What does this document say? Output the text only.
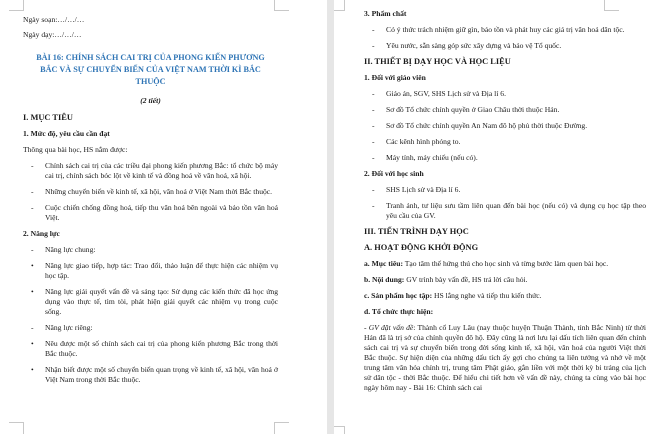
Ngày soạn:…/…/…

Ngày dạy:…/…/…

BÀI 16: CHÍNH SÁCH CAI TRỊ CỦA PHONG KIẾN PHƯƠNG BẮC VÀ SỰ CHUYỂN BIẾN CỦA VIỆT NAM THỜI KÌ BẮC THUỘC

(2 tiết)

I. MỤC TIÊU

1. Mức độ, yêu cầu cần đạt

Thông qua bài học, HS nắm được:

- Chính sách cai trị của các triều đại phong kiến phương Bắc: tổ chức bộ máy cai trị, chính sách bóc lột về kinh tế và đồng hoá về văn hoá, xã hội.
- Những chuyển biến về kinh tế, xã hội, văn hoá ở Việt Nam thời Bắc thuộc.
- Cuộc chiến chống đồng hoá, tiếp thu văn hoá bên ngoài và bảo tồn văn hoá Việt.

2. Năng lực

- Năng lực chung:
• Năng lực giao tiếp, hợp tác: Trao đổi, thảo luận để thực hiện các nhiệm vụ học tập.
• Năng lực giải quyết vấn đề và sáng tạo: Sử dụng các kiến thức đã học ứng dụng vào thực tế, tìm tòi, phát hiện giải quyết các nhiệm vụ trong cuộc sống.
- Năng lực riêng:
• Nêu được một số chính sách cai trị của phong kiến phương Bắc trong thời Bắc thuộc.
• Nhận biết được một số chuyển biến quan trọng về kinh tế, xã hội, văn hoá ở Việt Nam trong thời Bắc thuộc.

3. Phẩm chất

- Có ý thức trách nhiệm giữ gìn, bảo tồn và phát huy các giá trị văn hoá dân tộc.
- Yêu nước, sẵn sàng góp sức xây dựng và bảo vệ Tổ quốc.

II. THIẾT BỊ DẠY HỌC VÀ HỌC LIỆU

1. Đối với giáo viên

- Giáo án, SGV, SHS Lịch sử và Địa lí 6.
- Sơ đồ Tổ chức chính quyền ở Giao Châu thời thuộc Hán.
- Sơ đồ Tổ chức chính quyền An Nam đô hộ phủ thời thuộc Đường.
- Các kênh hình phóng to.
- Máy tính, máy chiếu (nếu có).

2. Đối với học sinh

- SHS Lịch sử và Địa lí 6.
- Tranh ảnh, tư liệu sưu tầm liên quan đến bài học (nếu có) và dụng cụ học tập theo yêu cầu của GV.

III. TIẾN TRÌNH DẠY HỌC

A. HOẠT ĐỘNG KHỞI ĐỘNG

a. Mục tiêu: Tạo tâm thế hứng thú cho học sinh và từng bước làm quen bài học.

b. Nội dung: GV trình bày vấn đề, HS trả lời câu hỏi.

c. Sản phẩm học tập: HS lắng nghe và tiếp thu kiến thức.

d. Tổ chức thực hiện:

- GV đặt vấn đề: Thành cổ Luy Lâu (nay thuộc huyện Thuận Thành, tỉnh Bắc Ninh) từ thời Hán đã là trị sở của chính quyền đô hộ. Đây cũng là nơi lưu lại dấu tích liên quan đến chính sách cai trị và sự chuyển biến trong đời sống kinh tế, xã hội, văn hoá của người Việt thời Bắc thuộc. Sự hiện diện của những dấu tích ấy gợi cho chúng ta liên tưởng và nhớ về một trung tâm văn hóa chính trị, trung tâm Phật giáo, gắn liền với một thời kỳ bi tráng của lịch sử dân tộc - thời Bắc thuộc. Để hiểu chi tiết hơn về vấn đề này, chúng ta cùng vào bài học ngày hôm nay - Bài 16: Chính sách cai
